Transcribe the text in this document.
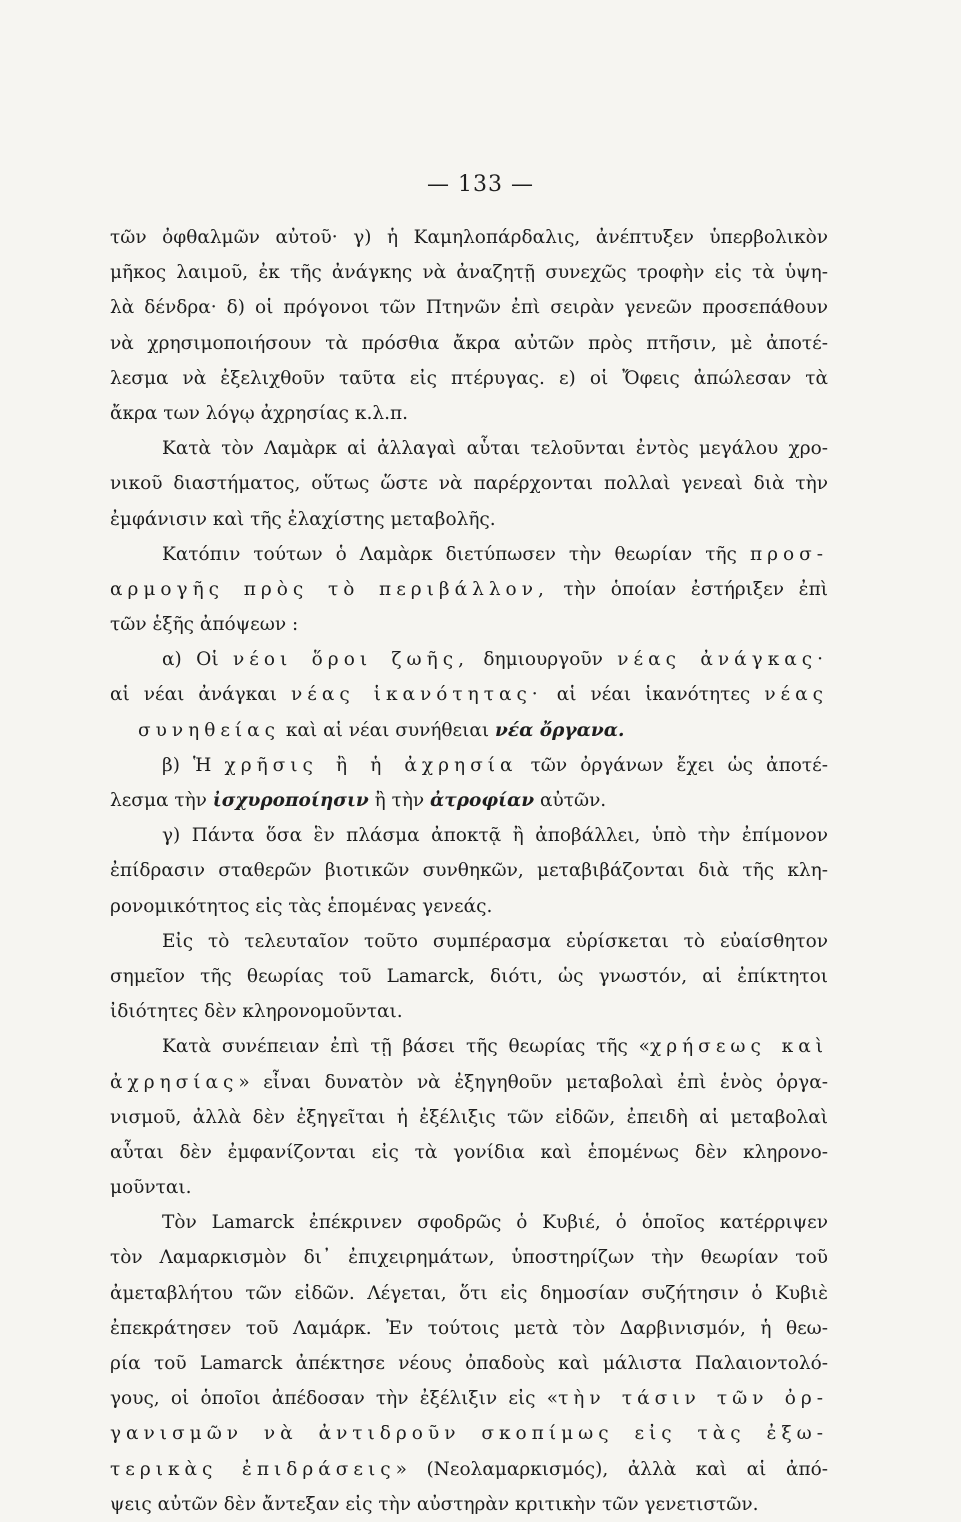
— 133 —
τῶν ὀφθαλμῶν αὐτοῦ· γ) ἡ Καμηλοπάρδαλις, ἀνέπτυξεν ὑπερβολικὸν
μῆκος λαιμοῦ, ἐκ τῆς ἀνάγκης νὰ ἀναζητῇ συνεχῶς τροφὴν εἰς τὰ ὑψη-
λὰ δένδρα· δ) οἱ πρόγονοι τῶν Πτηνῶν ἐπὶ σειρὰν γενεῶν προσεπάθουν
νὰ χρησιμοποιήσουν τὰ πρόσθια ἄκρα αὐτῶν πρὸς πτῆσιν, μὲ ἀποτέ-
λεσμα νὰ ἐξελιχθοῦν ταῦτα εἰς πτέρυγας. ε) οἱ Ὄφεις ἀπώλεσαν τὰ
ἄκρα των λόγῳ ἀχρησίας κ.λ.π.
Κατὰ τὸν Λαμὰρκ αἱ ἀλλαγαὶ αὗται τελοῦνται ἐντὸς μεγάλου χρο-
νικοῦ διαστήματος, οὕτως ὥστε νὰ παρέρχονται πολλαὶ γενεαὶ διὰ τὴν
ἐμφάνισιν καὶ τῆς ἐλαχίστης μεταβολῆς.
Κατόπιν τούτων ὁ Λαμὰρκ διετύπωσεν τὴν θεωρίαν τῆς προσ-
αρμογῆς πρὸς τὸ περιβάλλον, τὴν ὁποίαν ἐστήριξεν ἐπὶ
τῶν ἑξῆς ἀπόψεων :
α) Οἱ νέοι ὅροι ζωῆς, δημιουργοῦν νέας ἀνάγκας·
αἱ νέαι ἀνάγκαι νέας ἱκανότητας· αἱ νέαι ἱκανότητες νέας
συνηθείας καὶ αἱ νέαι συνήθειαι νέα ὄργανα.
β) Ἡ χρῆσις ἢ ἡ ἀχρησία τῶν ὀργάνων ἔχει ὡς ἀποτέ-
λεσμα τὴν ἰσχυροποίησιν ἢ τὴν ἀτροφίαν αὐτῶν.
γ) Πάντα ὅσα ἓν πλάσμα ἀποκτᾷ ἢ ἀποβάλλει, ὑπὸ τὴν ἐπίμονον
ἐπίδρασιν σταθερῶν βιοτικῶν συνθηκῶν, μεταβιβάζονται διὰ τῆς κλη-
ρονομικότητος εἰς τὰς ἑπομένας γενεάς.
Εἰς τὸ τελευταῖον τοῦτο συμπέρασμα εὑρίσκεται τὸ εὐαίσθητον
σημεῖον τῆς θεωρίας τοῦ Lamarck, διότι, ὡς γνωστόν, αἱ ἐπίκτητοι
ἰδιότητες δὲν κληρονομοῦνται.
Κατὰ συνέπειαν ἐπὶ τῇ βάσει τῆς θεωρίας τῆς «χρήσεως καὶ
ἀχρησίας» εἶναι δυνατὸν νὰ ἐξηγηθοῦν μεταβολαὶ ἐπὶ ἑνὸς ὀργα-
νισμοῦ, ἀλλὰ δὲν ἐξηγεῖται ἡ ἐξέλιξις τῶν εἰδῶν, ἐπειδὴ αἱ μεταβολαὶ
αὗται δὲν ἐμφανίζονται εἰς τὰ γονίδια καὶ ἑπομένως δὲν κληρονο-
μοῦνται.
Τὸν Lamarck ἐπέκρινεν σφοδρῶς ὁ Κυβιέ, ὁ ὁποῖος κατέρριψεν
τὸν Λαμαρκισμὸν δι᾿ ἐπιχειρημάτων, ὑποστηρίζων τὴν θεωρίαν τοῦ
ἀμεταβλήτου τῶν εἰδῶν. Λέγεται, ὅτι εἰς δημοσίαν συζήτησιν ὁ Κυβιὲ
ἐπεκράτησεν τοῦ Λαμάρκ. Ἐν τούτοις μετὰ τὸν Δαρβινισμόν, ἡ θεω-
ρία τοῦ Lamarck ἀπέκτησε νέους ὀπαδοὺς καὶ μάλιστα Παλαιοντολό-
γους, οἱ ὁποῖοι ἀπέδοσαν τὴν ἐξέλιξιν εἰς «τὴν τάσιν τῶν ὀρ-
γανισμῶν νὰ ἀντιδροῦν σκοπίμως εἰς τὰς ἐξω-
τερικὰς ἐπιδράσεις» (Νεολαμαρκισμός), ἀλλὰ καὶ αἱ ἀπό-
ψεις αὐτῶν δὲν ἄντεξαν εἰς τὴν αὐστηρὰν κριτικὴν τῶν γενετιστῶν.
